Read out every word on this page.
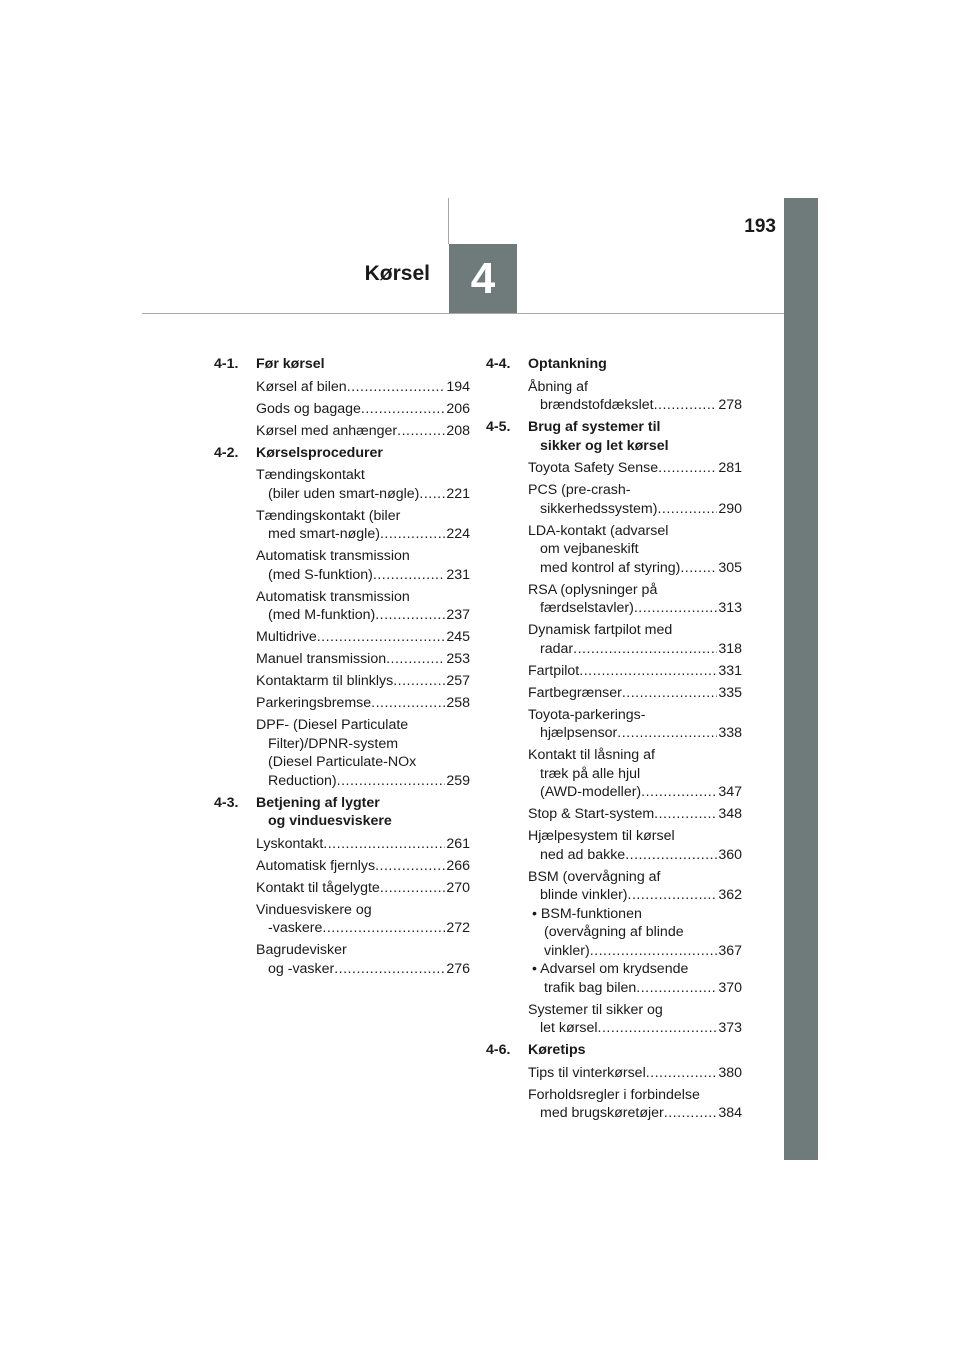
193
4
Kørsel
4-1.	Før kørsel
Kørsel af bilen .....	194
Gods og bagage .....	206
Kørsel med anhænger .....	208
4-2.	Kørselsprocedurer
Tændingskontakt
(biler uden smart-nøgle) ..... 221
Tændingskontakt (biler
med smart-nøgle) .....	224
Automatisk transmission
(med S-funktion) .....	231
Automatisk transmission
(med M-funktion) .....	237
Multidrive .....	245
Manuel transmission .....	253
Kontaktarm til blinklys .....	257
Parkeringsbremse .....	258
DPF- (Diesel Particulate
Filter)/DPNR-system
(Diesel Particulate-NOx
Reduction) .....	259
4-3.	Betjening af lygter
og vinduesviskere
Lyskontakt .....	261
Automatisk fjernlys .....	266
Kontakt til tågelygte .....	270
Vinduesviskere og
-vaskere .....	272
Bagrudevisker
og -vasker .....	276
4-4.	Optankning
Åbning af
brændstofdækslet .....	278
4-5.	Brug af systemer til
sikker og let kørsel
Toyota Safety Sense .....	281
PCS (pre-crash-
sikkerhedssystem) .....	290
LDA-kontakt (advarsel
om vejbaneskift
med kontrol af styring) .....	305
RSA (oplysninger på
færdselstavler) .....	313
Dynamisk fartpilot med
radar .....	318
Fartpilot .....	331
Fartbegrænser .....	335
Toyota-parkerings-
hjælpsensor .....	338
Kontakt til låsning af
træk på alle hjul
(AWD-modeller) .....	347
Stop & Start-system .....	348
Hjælpesystem til kørsel
ned ad bakke .....	360
BSM (overvågning af
blinde vinkler) .....	362
• BSM-funktionen
(overvågning af blinde
vinkler) .....	367
• Advarsel om krydsende
trafik bag bilen .....	370
Systemer til sikker og
let kørsel .....	373
4-6.	Køretips
Tips til vinterkørsel .....	380
Forholdsregler i forbindelse
med brugskøretøjer .....	384
